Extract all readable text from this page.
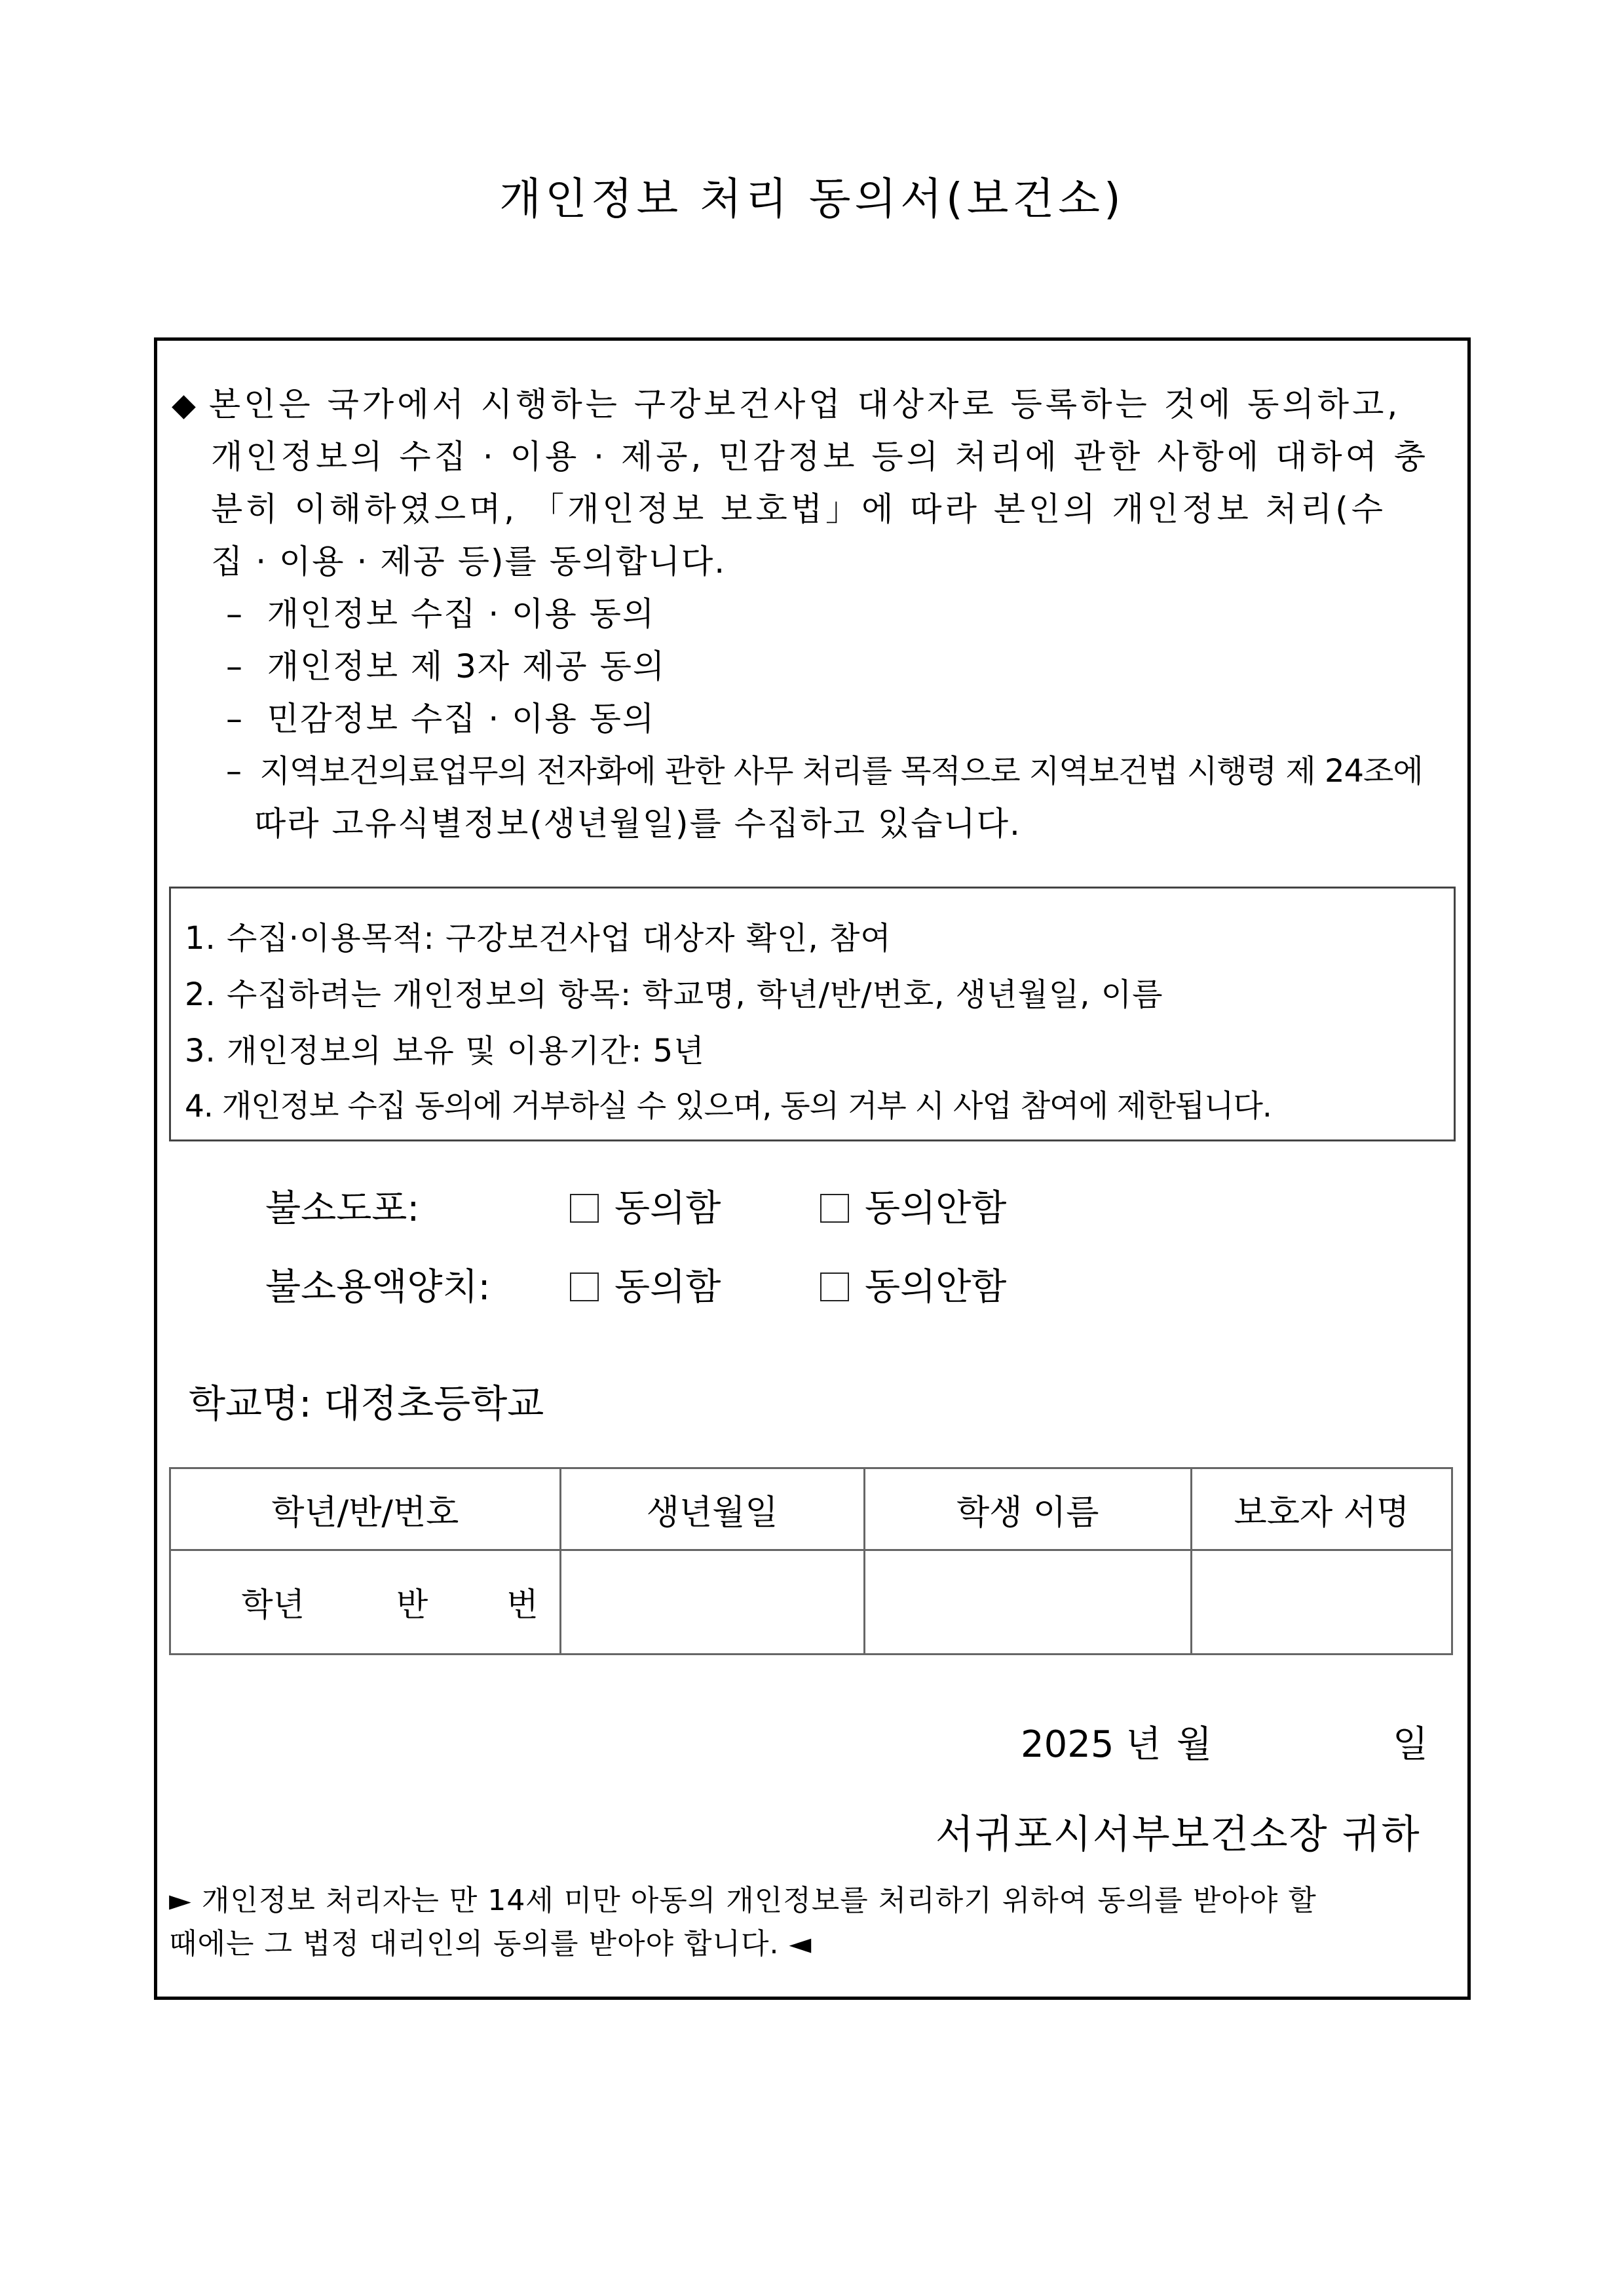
개인정보 처리 동의서(보건소)
◆ 본인은 국가에서 시행하는 구강보건사업 대상자로 등록하는 것에 동의하고,
개인정보의 수집 · 이용 · 제공, 민감정보 등의 처리에 관한 사항에 대하여 충
분히 이해하였으며, 「개인정보 보호법」에 따라 본인의 개인정보 처리(수
집 · 이용 · 제공 등)를 동의합니다.
– 개인정보 수집 · 이용 동의
– 개인정보 제 3자 제공 동의
– 민감정보 수집 · 이용 동의
– 지역보건의료업무의 전자화에 관한 사무 처리를 목적으로 지역보건법 시행령 제 24조에
따라 고유식별정보(생년월일)를 수집하고 있습니다.
1. 수집·이용목적: 구강보건사업 대상자 확인, 참여
2. 수집하려는 개인정보의 항목: 학교명, 학년/반/번호, 생년월일, 이름
3. 개인정보의 보유 및 이용기간: 5년
4. 개인정보 수집 동의에 거부하실 수 있으며, 동의 거부 시 사업 참여에 제한됩니다.
불소도포:	동의함	동의안함
불소용액양치:	동의함	동의안함
학교명: 대정초등학교
학년/반/번호	생년월일	학생 이름	보호자 서명

학년 반 번			

2025 년 월	일
서귀포시서부보건소장 귀하
► 개인정보 처리자는 만 14세 미만 아동의 개인정보를 처리하기 위하여 동의를 받아야 할
때에는 그 법정 대리인의 동의를 받아야 합니다. ◄
